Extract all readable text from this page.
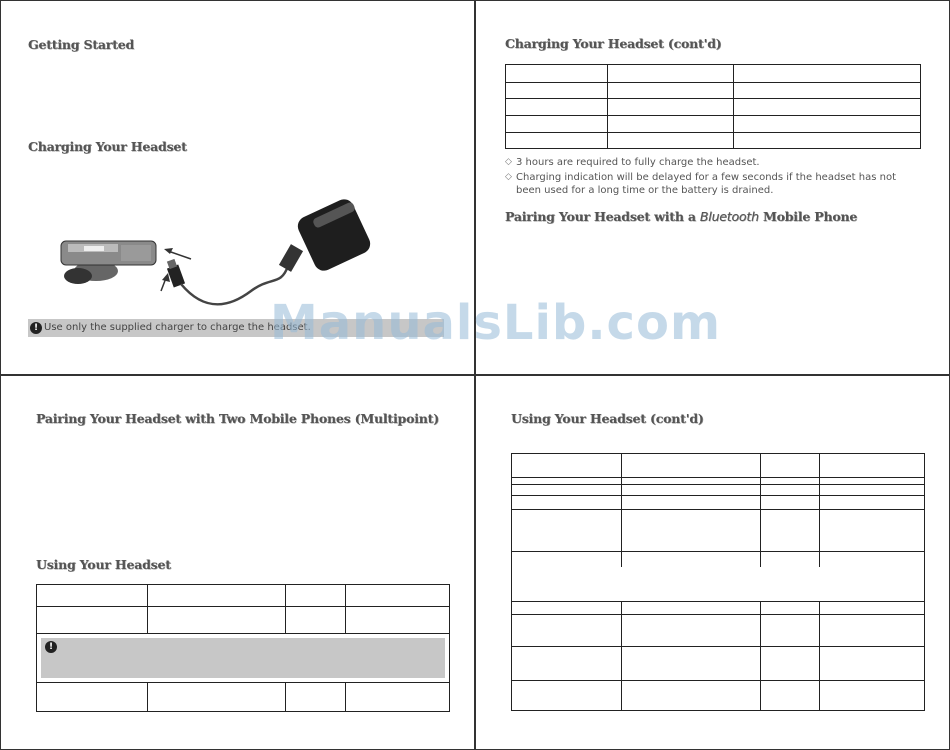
Getting Started
Charging Your Headset
! Use only the supplied charger to charge the headset.
Charging Your Headset (cont'd)

◇ 3 hours are required to fully charge the headset.
◇ Charging indication will be delayed for a few seconds if the headset has not been used for a long time or the battery is drained.
Pairing Your Headset with a Bluetooth Mobile Phone
Pairing Your Headset with Two Mobile Phones (Multipoint)
Using Your Headset

!			

Using Your Headset (cont'd)
ManualsLib.com
